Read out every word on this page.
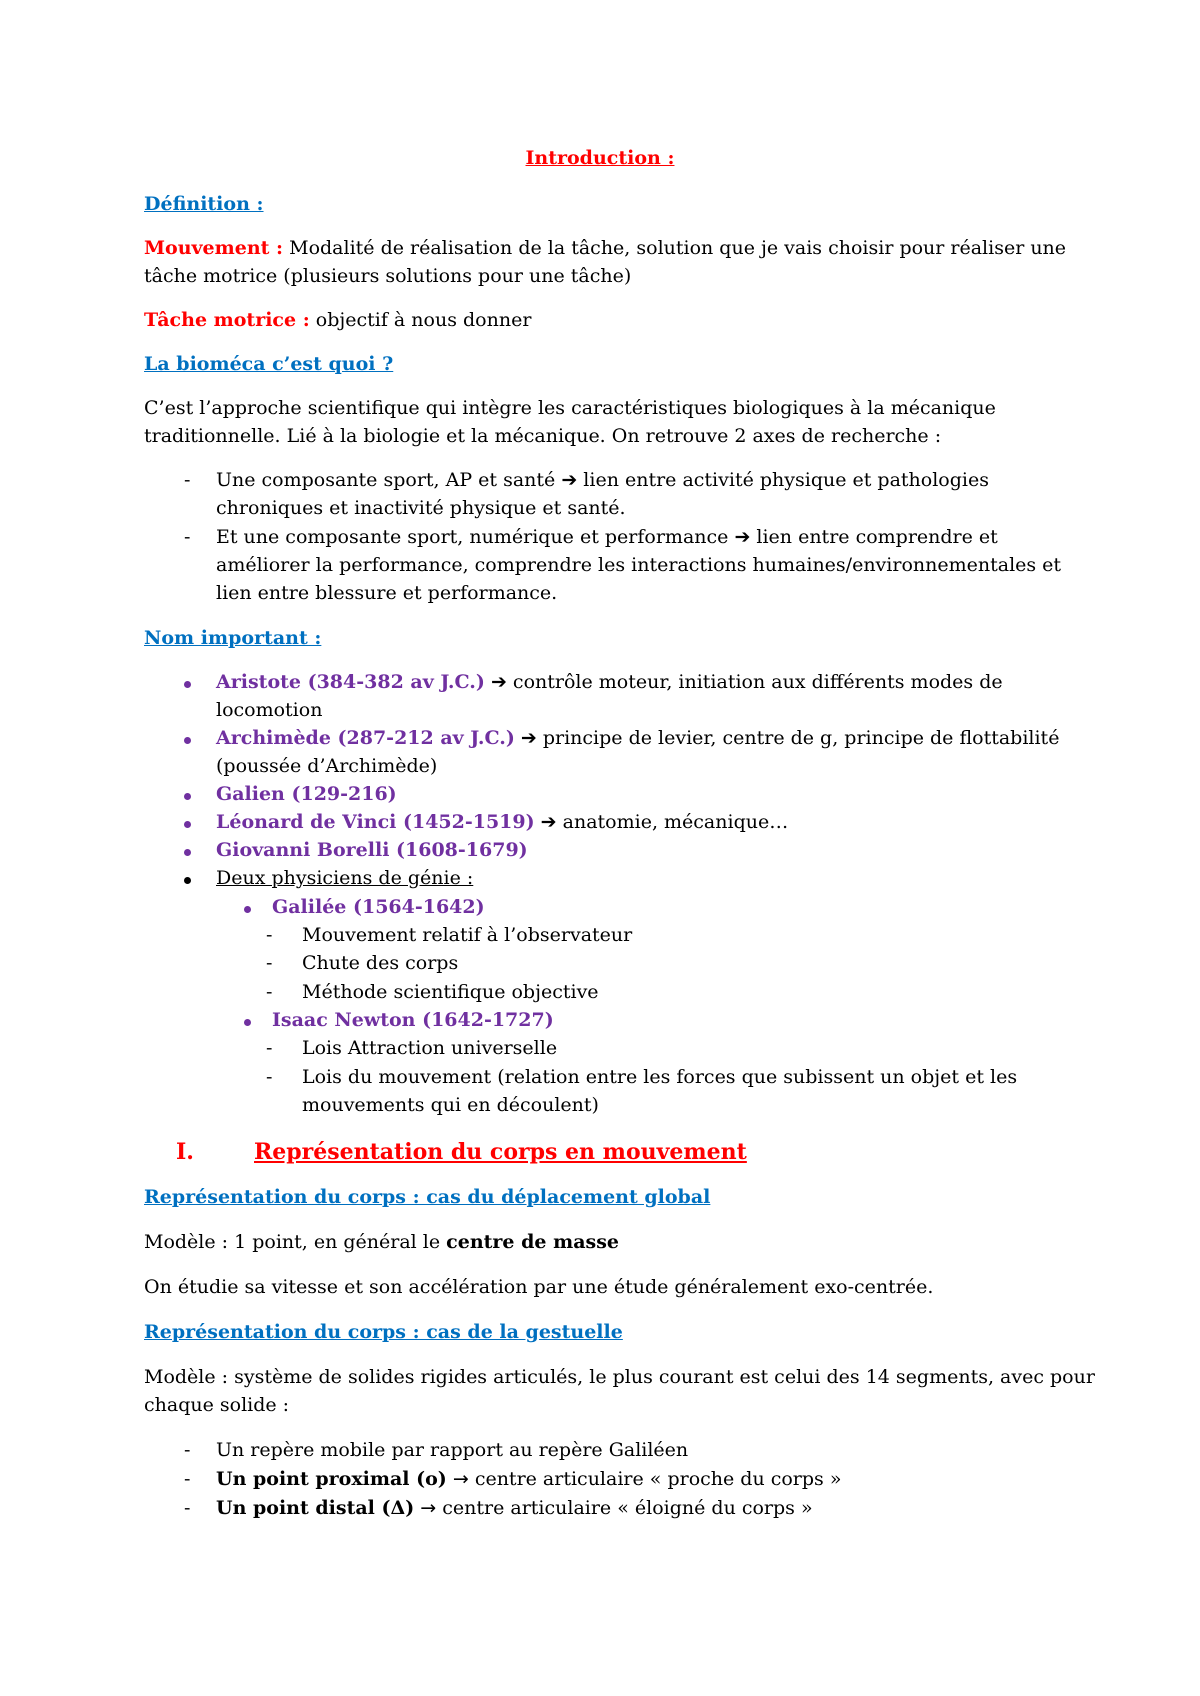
Introduction :

Définition :

Mouvement : Modalité de réalisation de la tâche, solution que je vais choisir pour réaliser une

tâche motrice (plusieurs solutions pour une tâche)

Tâche motrice : objectif à nous donner

La bioméca c’est quoi ?

C’est l’approche scientifique qui intègre les caractéristiques biologiques à la mécanique

traditionnelle. Lié à la biologie et la mécanique. On retrouve 2 axes de recherche :

- Une composante sport, AP et santé ➔ lien entre activité physique et pathologies

chroniques et inactivité physique et santé.

- Et une composante sport, numérique et performance ➔ lien entre comprendre et

améliorer la performance, comprendre les interactions humaines/environnementales et

lien entre blessure et performance.

Nom important :

Aristote (384-382 av J.C.) ➔ contrôle moteur, initiation aux différents modes de

locomotion

Archimède (287-212 av J.C.) ➔ principe de levier, centre de g, principe de flottabilité

(poussée d’Archimède)

Galien (129-216)

Léonard de Vinci (1452-1519) ➔ anatomie, mécanique…

Giovanni Borelli (1608-1679)

Deux physiciens de génie :

Galilée (1564-1642)

- Mouvement relatif à l’observateur

- Chute des corps

- Méthode scientifique objective

Isaac Newton (1642-1727)

- Lois Attraction universelle

- Lois du mouvement (relation entre les forces que subissent un objet et les

mouvements qui en découlent)

I.	Représentation du corps en mouvement

Représentation du corps : cas du déplacement global

Modèle : 1 point, en général le centre de masse

On étudie sa vitesse et son accélération par une étude généralement exo-centrée.

Représentation du corps : cas de la gestuelle

Modèle : système de solides rigides articulés, le plus courant est celui des 14 segments, avec pour

chaque solide :

- Un repère mobile par rapport au repère Galiléen

- Un point proximal (o) → centre articulaire « proche du corps »

- Un point distal (Δ) → centre articulaire « éloigné du corps »
